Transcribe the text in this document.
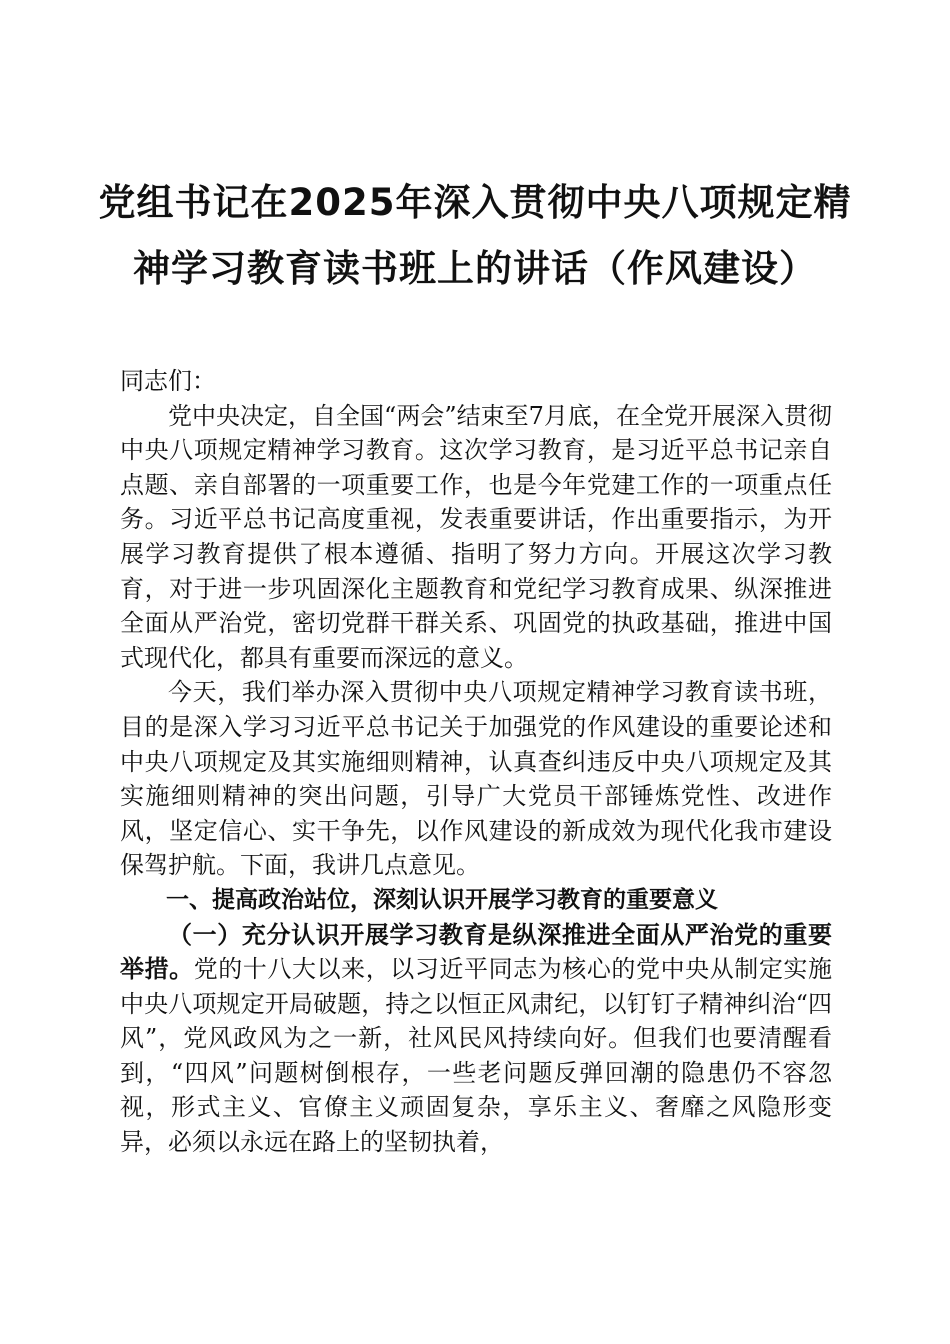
党组书记在2025年深入贯彻中央八项规定精
神学习教育读书班上的讲话（作风建设）

同志们：

党中央决定，自全国“两会”结束至7月底，在全党开展深入贯彻中央八项规定精神学习教育。这次学习教育，是习近平总书记亲自点题、亲自部署的一项重要工作，也是今年党建工作的一项重点任务。习近平总书记高度重视，发表重要讲话，作出重要指示，为开展学习教育提供了根本遵循、指明了努力方向。开展这次学习教育，对于进一步巩固深化主题教育和党纪学习教育成果、纵深推进全面从严治党，密切党群干群关系、巩固党的执政基础，推进中国式现代化，都具有重要而深远的意义。

今天，我们举办深入贯彻中央八项规定精神学习教育读书班，目的是深入学习习近平总书记关于加强党的作风建设的重要论述和中央八项规定及其实施细则精神，认真查纠违反中央八项规定及其实施细则精神的突出问题，引导广大党员干部锤炼党性、改进作风，坚定信心、实干争先，以作风建设的新成效为现代化我市建设保驾护航。下面，我讲几点意见。

一、提高政治站位，深刻认识开展学习教育的重要意义

（一）充分认识开展学习教育是纵深推进全面从严治党的重要举措。党的十八大以来，以习近平同志为核心的党中央从制定实施中央八项规定开局破题，持之以恒正风肃纪，以钉钉子精神纠治“四风”，党风政风为之一新，社风民风持续向好。但我们也要清醒看到，“四风”问题树倒根存，一些老问题反弹回潮的隐患仍不容忽视，形式主义、官僚主义顽固复杂，享乐主义、奢靡之风隐形变异，必须以永远在路上的坚韧执着，
